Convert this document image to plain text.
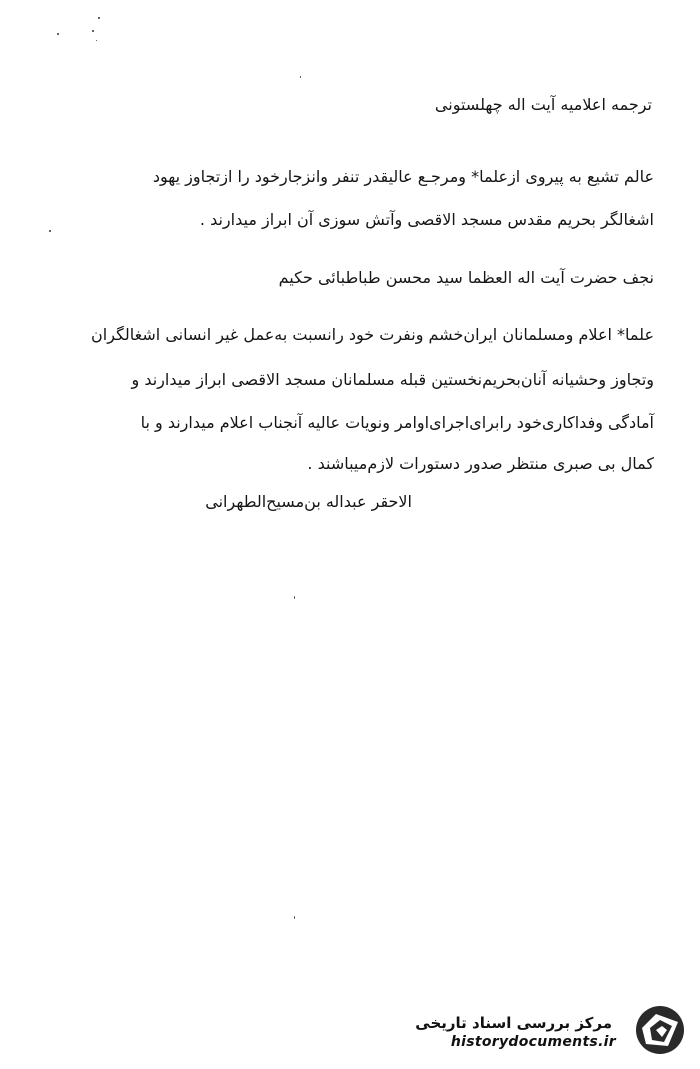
ترجمه اعلامیه آیت اله چهلستونی
عالم تشیع به پیروی ازعلما* ومرجـع عالیقدر تنفر وانزجارخود را ازتجاوز یهود
اشغالگر بحریم مقدس مسجد الاقصی وآتش سوزی آن ابراز میدارند .
نجف حضرت آیت اله العظما سید محسن طباطبائی حکیم
علما* اعلام ومسلمانان ایران‌خشم ونفرت خود رانسبت به‌عمل غیر انسانی اشغالگران
وتجاوز وحشیانه آنان‌بحریم‌نخستین قبله مسلمانان مسجد الاقصی ابراز میدارند و
آمادگی وفداکاری‌خود رابرای‌اجرای‌اوامر ونویات عالیه آنجناب اعلام میدارند و با
کمال بی صبری منتظر صدور دستورات لازم‌میباشند .
الاحقر عبداله بن‌مسیح‌الطهرانی
مرکز بررسی اسناد تاریخی
historydocuments.ir
